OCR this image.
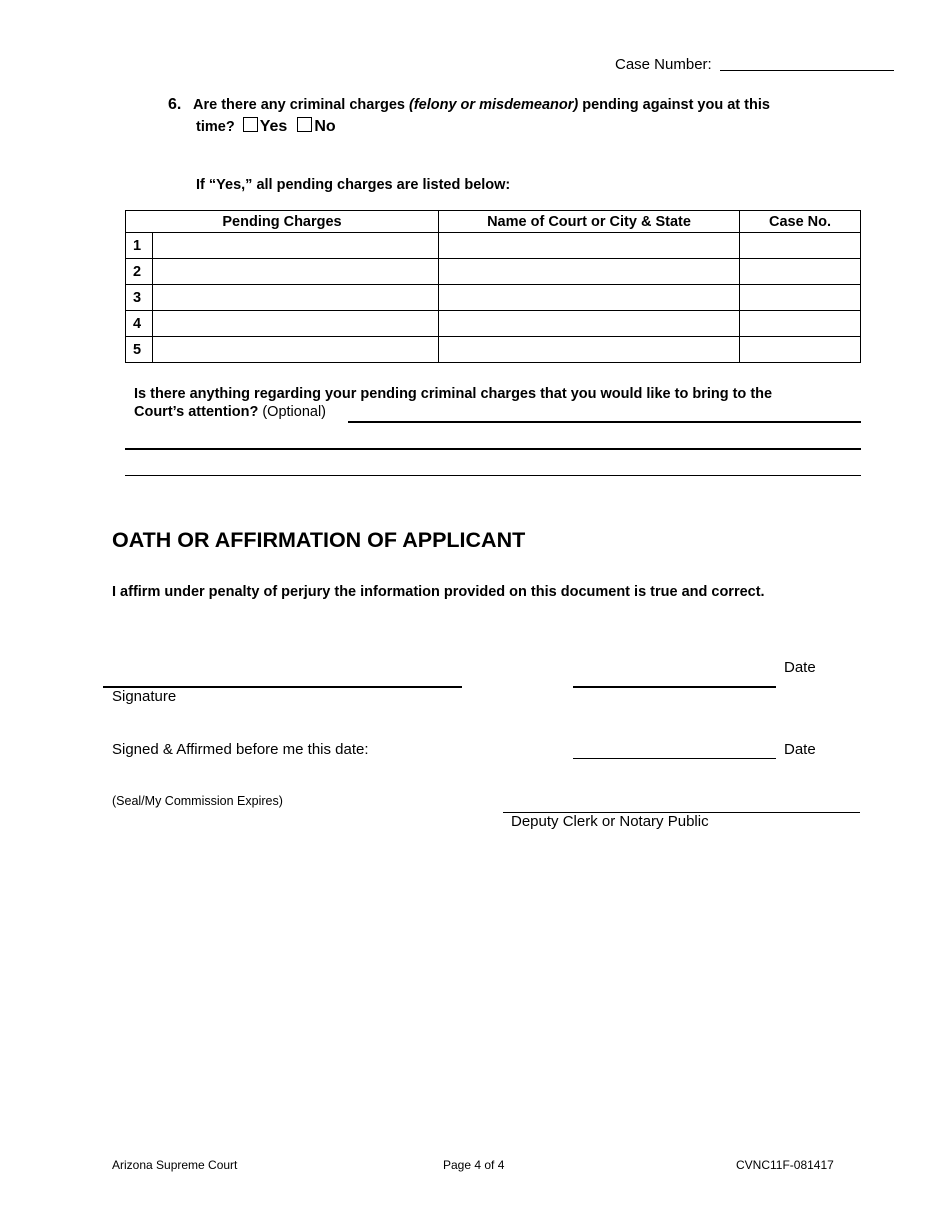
Case Number:
6. Are there any criminal charges (felony or misdemeanor) pending against you at this
time? Yes No
If “Yes,” all pending charges are listed below:
Pending Charges		Name of Court or City & State	Case No.
1			
2			
3			
4			
5			
Is there anything regarding your pending criminal charges that you would like to bring to the
Court’s attention? (Optional)
OATH OR AFFIRMATION OF APPLICANT
I affirm under penalty of perjury the information provided on this document is true and correct.
Date
Signature
Signed & Affirmed before me this date:	Date
(Seal/My Commission Expires)
Deputy Clerk or Notary Public
Arizona Supreme Court	Page 4 of 4	CVNC11F-081417
